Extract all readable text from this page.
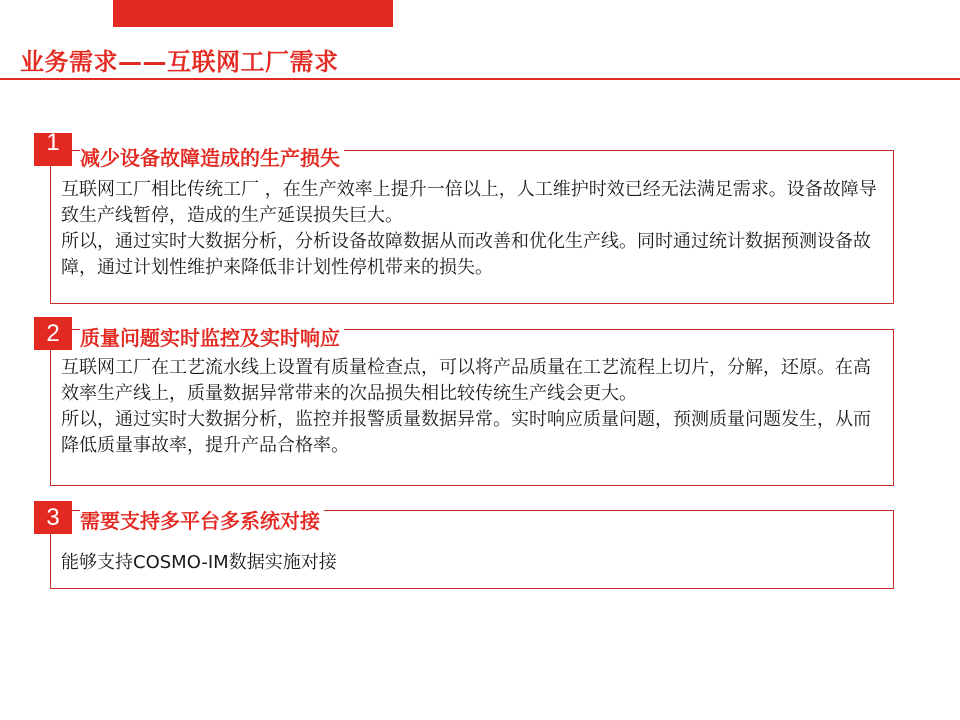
业务需求——互联网工厂需求
1
减少设备故障造成的生产损失

互联网工厂相比传统工厂 ，在生产效率上提升一倍以上，人工维护时效已经无法满足需求。设备故障导致生产线暂停，造成的生产延误损失巨大。

所以，通过实时大数据分析，分析设备故障数据从而改善和优化生产线。同时通过统计数据预测设备故障，通过计划性维护来降低非计划性停机带来的损失。

2	质量问题实时监控及实时响应

互联网工厂在工艺流水线上设置有质量检查点，可以将产品质量在工艺流程上切片，分解，还原。在高效率生产线上，质量数据异常带来的次品损失相比较传统生产线会更大。

所以，通过实时大数据分析，监控并报警质量数据异常。实时响应质量问题，预测质量问题发生，从而降低质量事故率，提升产品合格率。

3	需要支持多平台多系统对接

能够支持COSMO-IM数据实施对接
